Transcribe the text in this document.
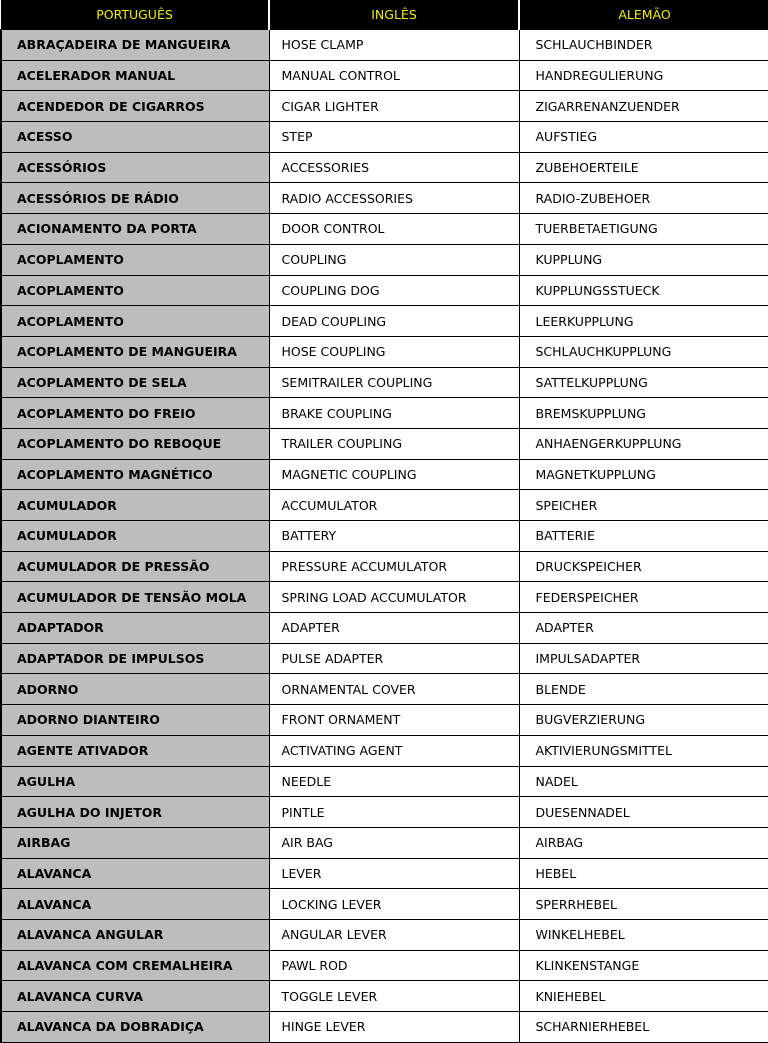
PORTUGUÊS	INGLÊS	ALEMÃO
ABRAÇADEIRA DE MANGUEIRA	HOSE CLAMP	SCHLAUCHBINDER
ACELERADOR MANUAL	MANUAL CONTROL	HANDREGULIERUNG
ACENDEDOR DE CIGARROS	CIGAR LIGHTER	ZIGARRENANZUENDER
ACESSO	STEP	AUFSTIEG
ACESSÓRIOS	ACCESSORIES	ZUBEHOERTEILE
ACESSÓRIOS DE RÁDIO	RADIO ACCESSORIES	RADIO-ZUBEHOER
ACIONAMENTO DA PORTA	DOOR CONTROL	TUERBETAETIGUNG
ACOPLAMENTO	COUPLING	KUPPLUNG
ACOPLAMENTO	COUPLING DOG	KUPPLUNGSSTUECK
ACOPLAMENTO	DEAD COUPLING	LEERKUPPLUNG
ACOPLAMENTO DE MANGUEIRA	HOSE COUPLING	SCHLAUCHKUPPLUNG
ACOPLAMENTO DE SELA	SEMITRAILER COUPLING	SATTELKUPPLUNG
ACOPLAMENTO DO FREIO	BRAKE COUPLING	BREMSKUPPLUNG
ACOPLAMENTO DO REBOQUE	TRAILER COUPLING	ANHAENGERKUPPLUNG
ACOPLAMENTO MAGNÉTICO	MAGNETIC COUPLING	MAGNETKUPPLUNG
ACUMULADOR	ACCUMULATOR	SPEICHER
ACUMULADOR	BATTERY	BATTERIE
ACUMULADOR DE PRESSÃO	PRESSURE ACCUMULATOR	DRUCKSPEICHER
ACUMULADOR DE TENSÃO MOLA	SPRING LOAD ACCUMULATOR	FEDERSPEICHER
ADAPTADOR	ADAPTER	ADAPTER
ADAPTADOR DE IMPULSOS	PULSE ADAPTER	IMPULSADAPTER
ADORNO	ORNAMENTAL COVER	BLENDE
ADORNO DIANTEIRO	FRONT ORNAMENT	BUGVERZIERUNG
AGENTE ATIVADOR	ACTIVATING AGENT	AKTIVIERUNGSMITTEL
AGULHA	NEEDLE	NADEL
AGULHA DO INJETOR	PINTLE	DUESENNADEL
AIRBAG	AIR BAG	AIRBAG
ALAVANCA	LEVER	HEBEL
ALAVANCA	LOCKING LEVER	SPERRHEBEL
ALAVANCA ANGULAR	ANGULAR LEVER	WINKELHEBEL
ALAVANCA COM CREMALHEIRA	PAWL ROD	KLINKENSTANGE
ALAVANCA CURVA	TOGGLE LEVER	KNIEHEBEL
ALAVANCA DA DOBRADIÇA	HINGE LEVER	SCHARNIERHEBEL
